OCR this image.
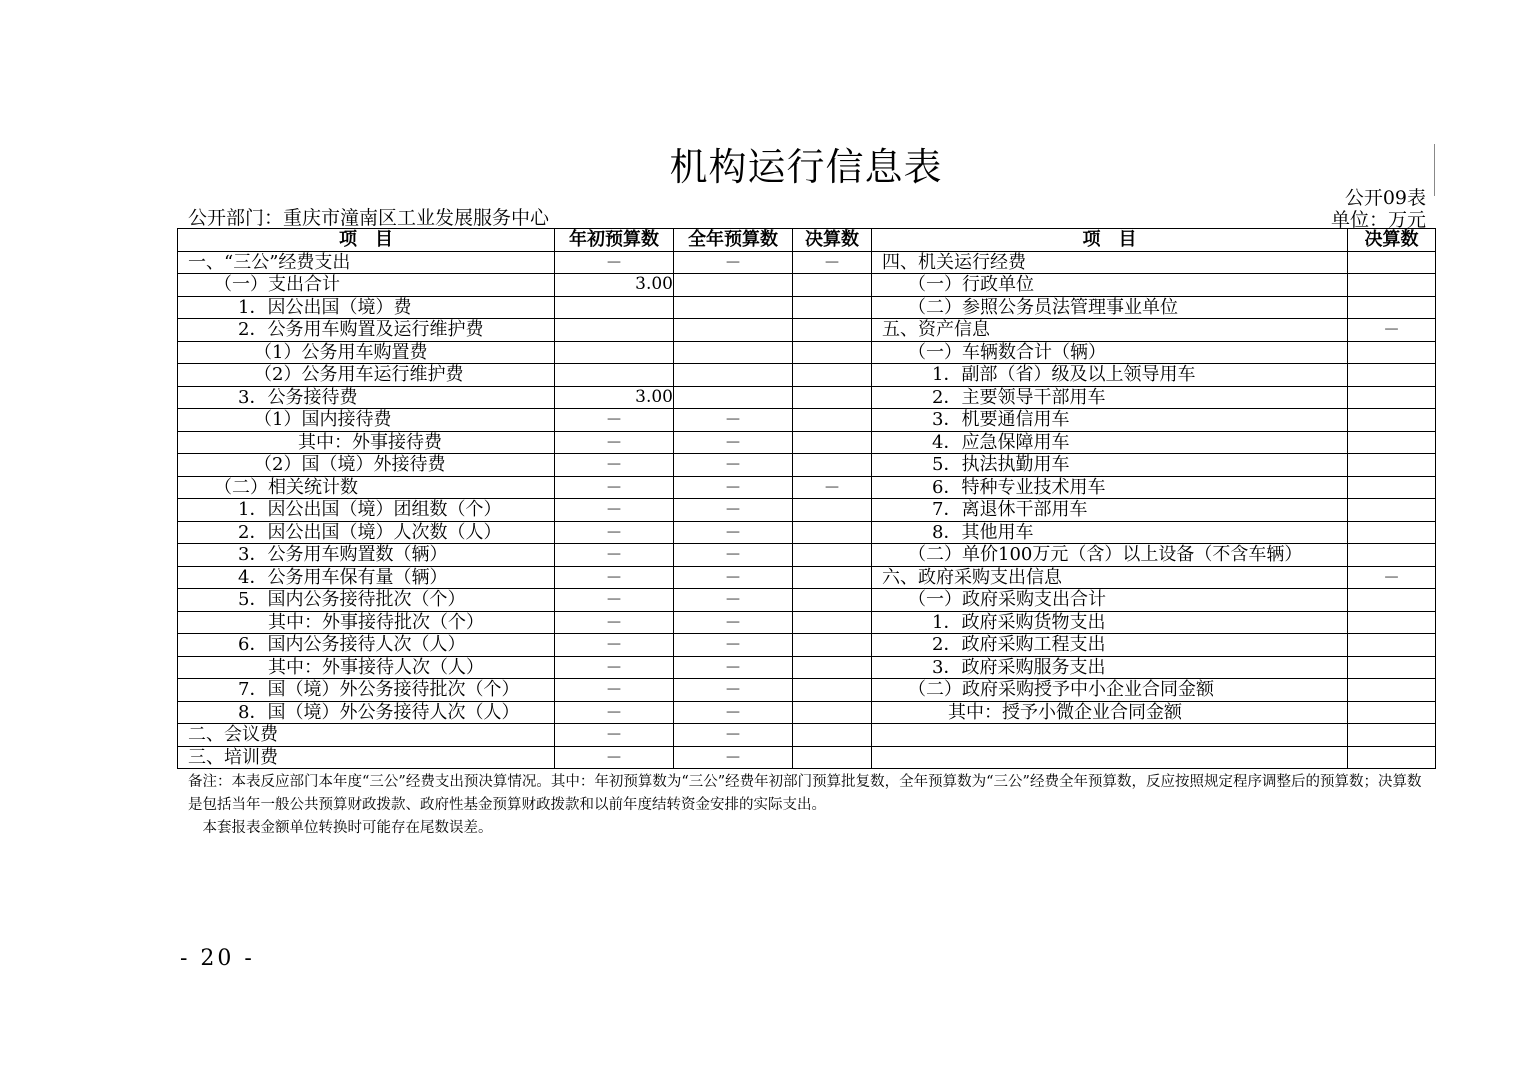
机构运行信息表
公开09表
单位：万元
公开部门：重庆市潼南区工业发展服务中心
项　目	年初预算数	全年预算数	决算数	项　目	决算数
一、“三公”经费支出	—	—	—	四、机关运行经费	
（一）支出合计	3.00			（一）行政单位	
1．因公出国（境）费				（二）参照公务员法管理事业单位	
2．公务用车购置及运行维护费				五、资产信息	—
（1）公务用车购置费				（一）车辆数合计（辆）	
（2）公务用车运行维护费				1．副部（省）级及以上领导用车	
3．公务接待费	3.00			2．主要领导干部用车	
（1）国内接待费	—	—		3．机要通信用车	
其中：外事接待费	—	—		4．应急保障用车	
（2）国（境）外接待费	—	—		5．执法执勤用车	
（二）相关统计数	—	—	—	6．特种专业技术用车	
1．因公出国（境）团组数（个）	—	—		7．离退休干部用车	
2．因公出国（境）人次数（人）	—	—		8．其他用车	
3．公务用车购置数（辆）	—	—		（二）单价100万元（含）以上设备（不含车辆）	
4．公务用车保有量（辆）	—	—		六、政府采购支出信息	—
5．国内公务接待批次（个）	—	—		（一）政府采购支出合计	
其中：外事接待批次（个）	—	—		1．政府采购货物支出	
6．国内公务接待人次（人）	—	—		2．政府采购工程支出	
其中：外事接待人次（人）	—	—		3．政府采购服务支出	
7．国（境）外公务接待批次（个）	—	—		（二）政府采购授予中小企业合同金额	
8．国（境）外公务接待人次（人）	—	—		其中：授予小微企业合同金额	
二、会议费	—	—			
三、培训费	—	—			

备注：本表反应部门本年度“三公”经费支出预决算情况。其中：年初预算数为“三公”经费年初部门预算批复数，全年预算数为“三公”经费全年预算数，反应按照规定程序调整后的预算数；决算数是包括当年一般公共预算财政拨款、政府性基金预算财政拨款和以前年度结转资金安排的实际支出。

　本套报表金额单位转换时可能存在尾数误差。

- 20 -
